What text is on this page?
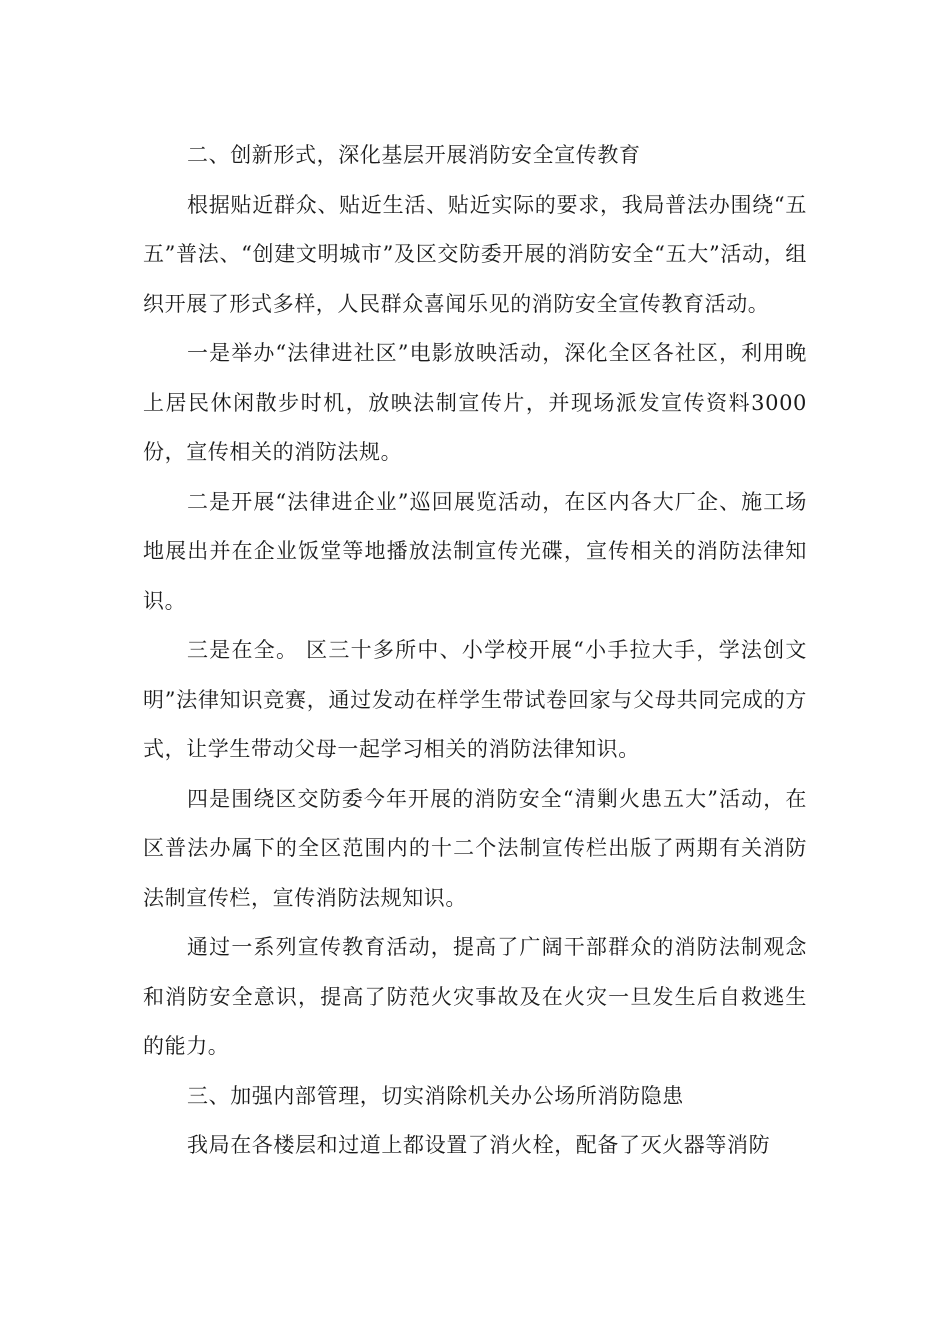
二、创新形式，深化基层开展消防安全宣传教育

根据贴近群众、贴近生活、贴近实际的要求，我局普法办围绕“五五”普法、“创建文明城市”及区交防委开展的消防安全“五大”活动，组织开展了形式多样，人民群众喜闻乐见的消防安全宣传教育活动。

一是举办“法律进社区”电影放映活动，深化全区各社区，利用晚上居民休闲散步时机，放映法制宣传片，并现场派发宣传资料3000份，宣传相关的消防法规。

二是开展“法律进企业”巡回展览活动，在区内各大厂企、施工场地展出并在企业饭堂等地播放法制宣传光碟，宣传相关的消防法律知识。

三是在全。 区三十多所中、小学校开展“小手拉大手，学法创文明”法律知识竞赛，通过发动在样学生带试卷回家与父母共同完成的方式，让学生带动父母一起学习相关的消防法律知识。

四是围绕区交防委今年开展的消防安全“清剿火患五大”活动，在区普法办属下的全区范围内的十二个法制宣传栏出版了两期有关消防法制宣传栏，宣传消防法规知识。

通过一系列宣传教育活动，提高了广阔干部群众的消防法制观念和消防安全意识，提高了防范火灾事故及在火灾一旦发生后自救逃生的能力。

三、加强内部管理，切实消除机关办公场所消防隐患

我局在各楼层和过道上都设置了消火栓，配备了灭火器等消防
